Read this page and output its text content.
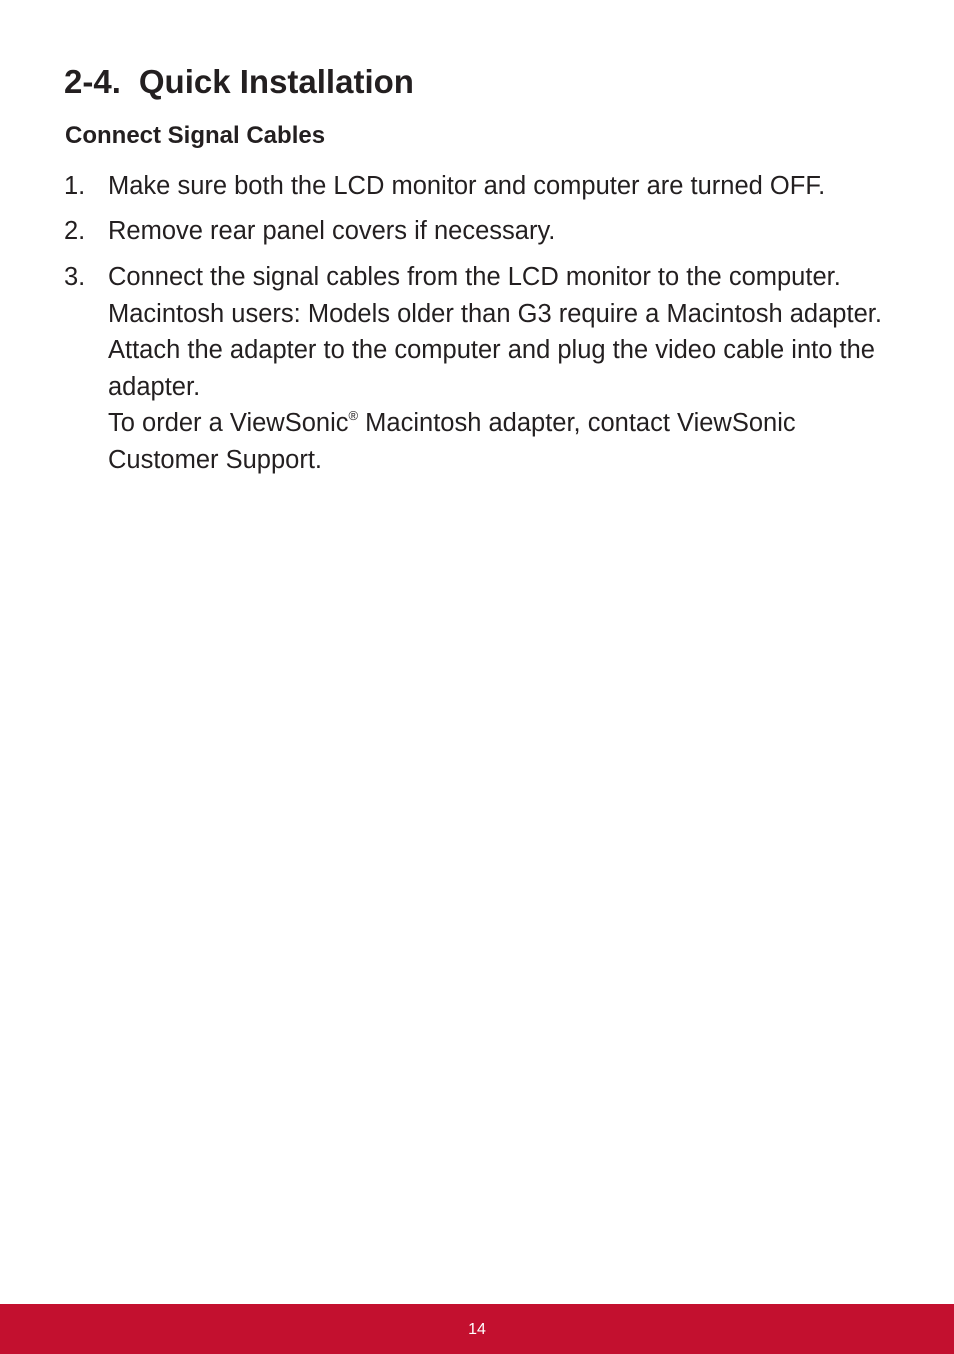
2-4. Quick Installation
Connect Signal Cables
1. Make sure both the LCD monitor and computer are turned OFF.

2. Remove rear panel covers if necessary.

3. Connect the signal cables from the LCD monitor to the computer.

Macintosh users: Models older than G3 require a Macintosh adapter. Attach the adapter to the computer and plug the video cable into the adapter.

To order a ViewSonic® Macintosh adapter, contact ViewSonic Customer Support.

14
